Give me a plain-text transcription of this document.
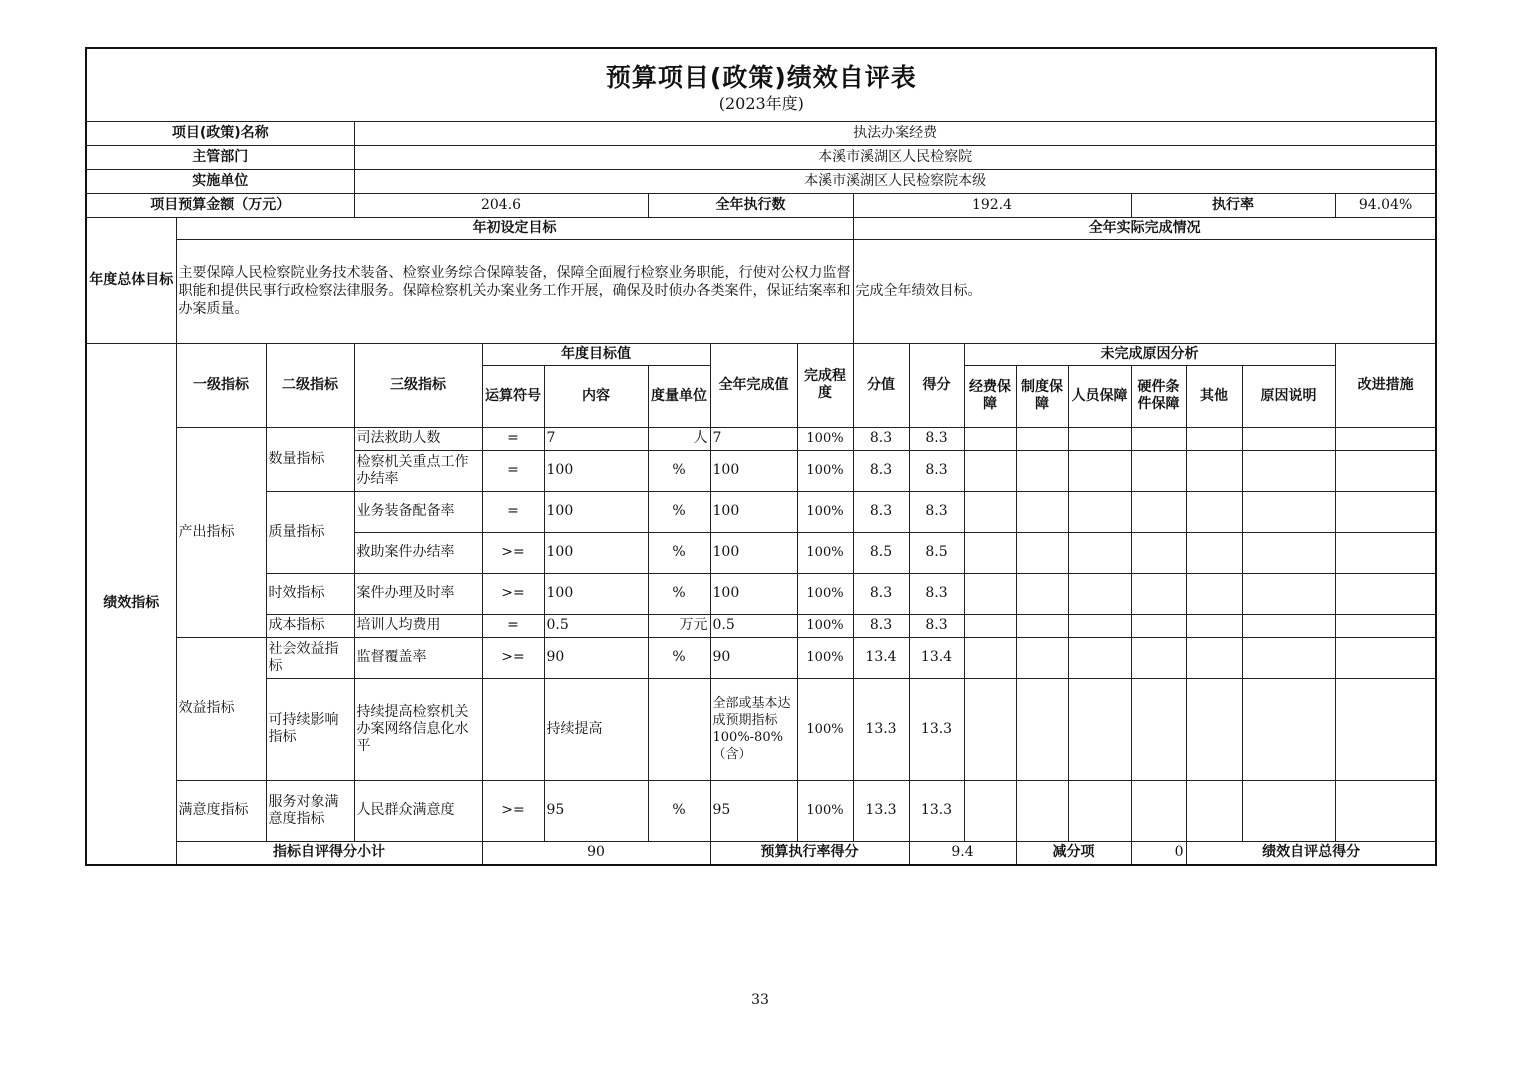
预算项目(政策)绩效自评表
(2023年度)																		

项目(政策)名称			执法办案经费															
主管部门			本溪市溪湖区人民检察院															
实施单位			本溪市溪湖区人民检察院本级															
项目预算金额（万元）			204.6			全年执行数			192.4					执行率			94.04%	
年度总体目标	年初设定目标								全年实际完成情况									
	主要保障人民检察院业务技术装备、检察业务综合保障装备，保障全面履行检察业务职能，行使对公权力监督职能和提供民事行政检察法律服务。保障检察机关办案业务工作开展，确保及时侦办各类案件，保证结案率和办案质量。								完成全年绩效目标。									
绩效指标	一级指标	二级指标	三级指标	年度目标值			全年完成值	完成程度	分值	得分	未完成原因分析						改进措施	
				运算符号	内容	度量单位					经费保障	制度保障	人员保障	硬件条件保障	其他	原因说明		
	产出指标	数量指标	司法救助人数	=	7	人	7	100%	8.3	8.3								
			检察机关重点工作办结率	=	100	%	100	100%	8.3	8.3								
		质量指标	业务装备配备率	=	100	%	100	100%	8.3	8.3								
			救助案件办结率	>=	100	%	100	100%	8.5	8.5								
		时效指标	案件办理及时率	>=	100	%	100	100%	8.3	8.3								
		成本指标	培训人均费用	=	0.5	万元	0.5	100%	8.3	8.3								
	效益指标	社会效益指标	监督覆盖率	>=	90	%	90	100%	13.4	13.4								
		可持续影响指标	持续提高检察机关办案网络信息化水平		持续提高		全部或基本达成预期指标100%-80%（含）	100%	13.3	13.3								
	满意度指标	服务对象满意度指标	人民群众满意度	>=	95	%	95	100%	13.3	13.3								
	指标自评得分小计			90			预算执行率得分			9.4		减分项		0	绩效自评总得分	
33
